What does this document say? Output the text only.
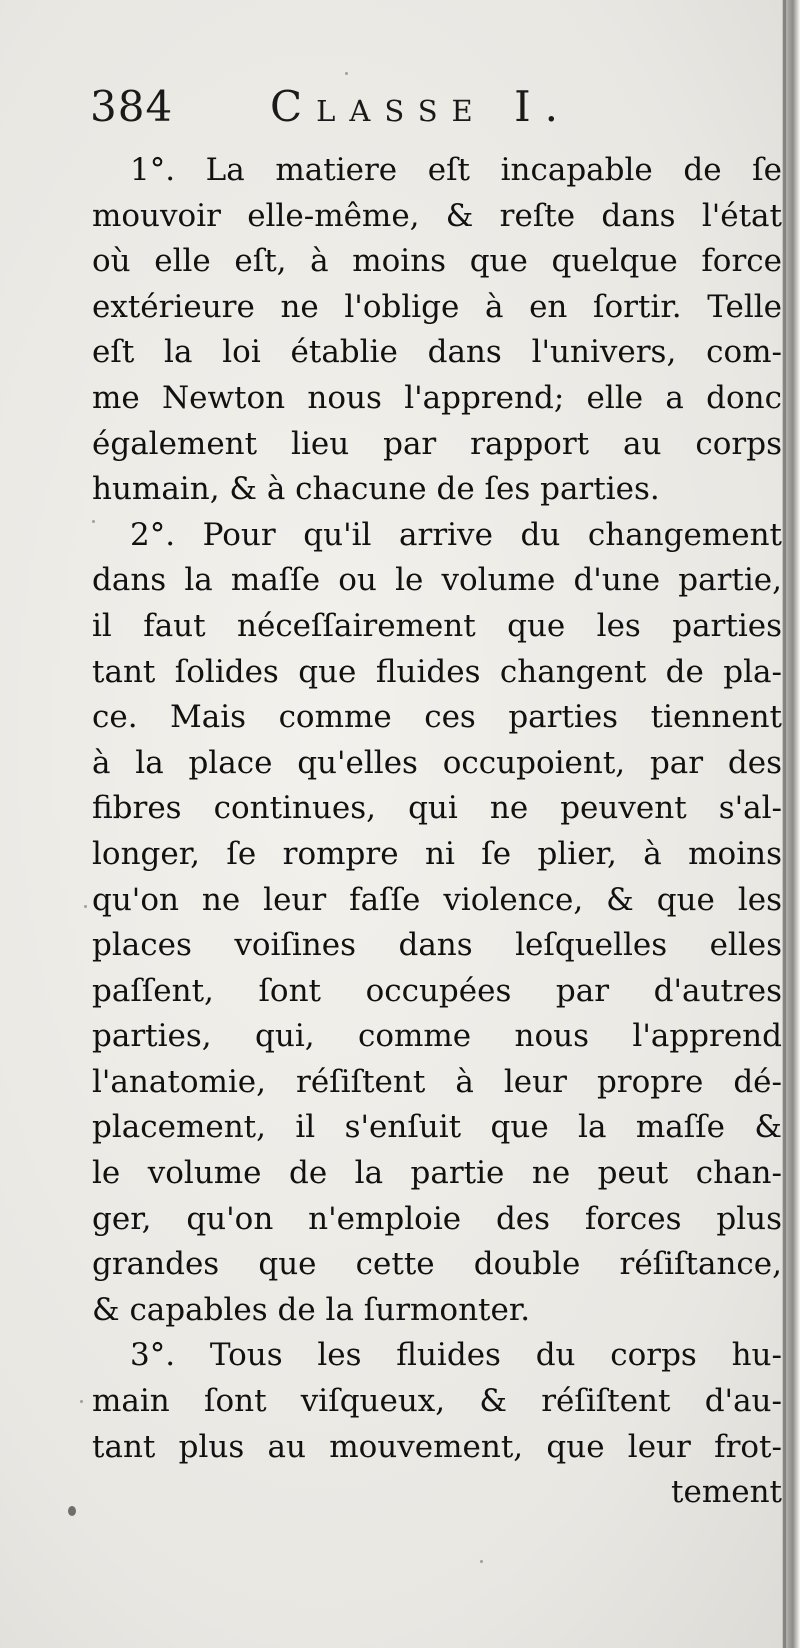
384 Classe I.
1°. La matiere eſt incapable de ſe
mouvoir elle-même, & reſte dans l'état
où elle eſt, à moins que quelque force
extérieure ne l'oblige à en ſortir. Telle
eſt la loi établie dans l'univers, com-
me Newton nous l'apprend; elle a donc
également lieu par rapport au corps
humain, & à chacune de ſes parties.
2°. Pour qu'il arrive du changement
dans la maſſe ou le volume d'une partie,
il faut néceſſairement que les parties
tant ſolides que fluides changent de pla-
ce. Mais comme ces parties tiennent
à la place qu'elles occupoient, par des
fibres continues, qui ne peuvent s'al-
longer, ſe rompre ni ſe plier, à moins
qu'on ne leur faſſe violence, & que les
places voiſines dans leſquelles elles
paſſent, ſont occupées par d'autres
parties, qui, comme nous l'apprend
l'anatomie, réſiſtent à leur propre dé-
placement, il s'enſuit que la maſſe &
le volume de la partie ne peut chan-
ger, qu'on n'emploie des forces plus
grandes que cette double réſiſtance,
& capables de la ſurmonter.
3°. Tous les fluides du corps hu-
main ſont viſqueux, & réſiſtent d'au-
tant plus au mouvement, que leur frot-
tement
